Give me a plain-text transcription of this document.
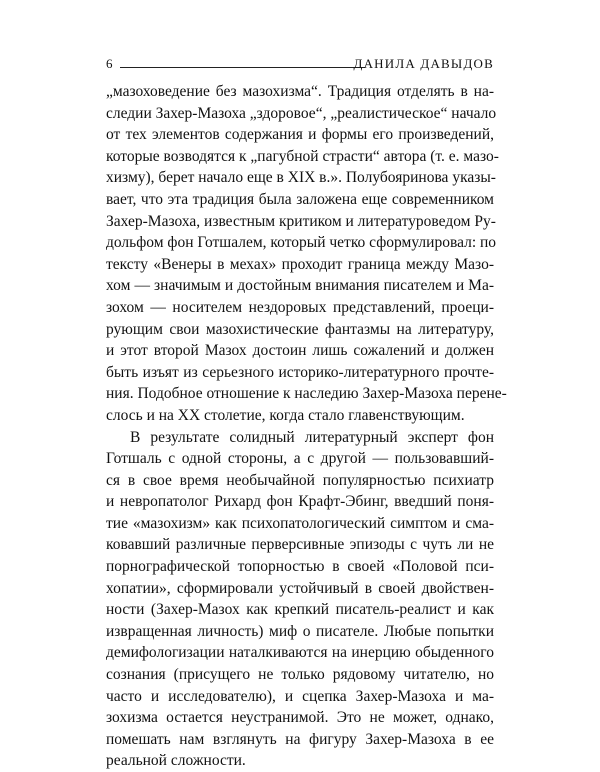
6	ДАНИЛА ДАВЫДОВ
„мазоховедение без мазохизма“. Традиция отделять в на-
следии Захер-Мазоха „здоровое“, „реалистическое“ начало
от тех элементов содержания и формы его произведений,
которые возводятся к „пагубной страсти“ автора (т. е. мазо-
хизму), берет начало еще в XIX в.». Полубояринова указы-
вает, что эта традиция была заложена еще современником
Захер-Мазоха, известным критиком и литературоведом Ру-
дольфом фон Готшалем, который четко сформулировал: по
тексту «Венеры в мехах» проходит граница между Мазо-
хом — значимым и достойным внимания писателем и Ма-
зохом — носителем нездоровых представлений, проеци-
рующим свои мазохистические фантазмы на литературу,
и этот второй Мазох достоин лишь сожалений и должен
быть изъят из серьезного историко-литературного прочте-
ния. Подобное отношение к наследию Захер-Мазоха перене-
слось и на XX столетие, когда стало главенствующим.
В результате солидный литературный эксперт фон
Готшаль с одной стороны, а с другой — пользовавший-
ся в свое время необычайной популярностью психиатр
и невропатолог Рихард фон Крафт-Эбинг, введший поня-
тие «мазохизм» как психопатологический симптом и сма-
ковавший различные перверсивные эпизоды с чуть ли не
порнографической топорностью в своей «Половой пси-
хопатии», сформировали устойчивый в своей двойствен-
ности (Захер-Мазох как крепкий писатель-реалист и как
извращенная личность) миф о писателе. Любые попытки
демифологизации наталкиваются на инерцию обыденного
сознания (присущего не только рядовому читателю, но
часто и исследователю), и сцепка Захер-Мазоха и ма-
зохизма остается неустранимой. Это не может, однако,
помешать нам взглянуть на фигуру Захер-Мазоха в ее
реальной сложности.
